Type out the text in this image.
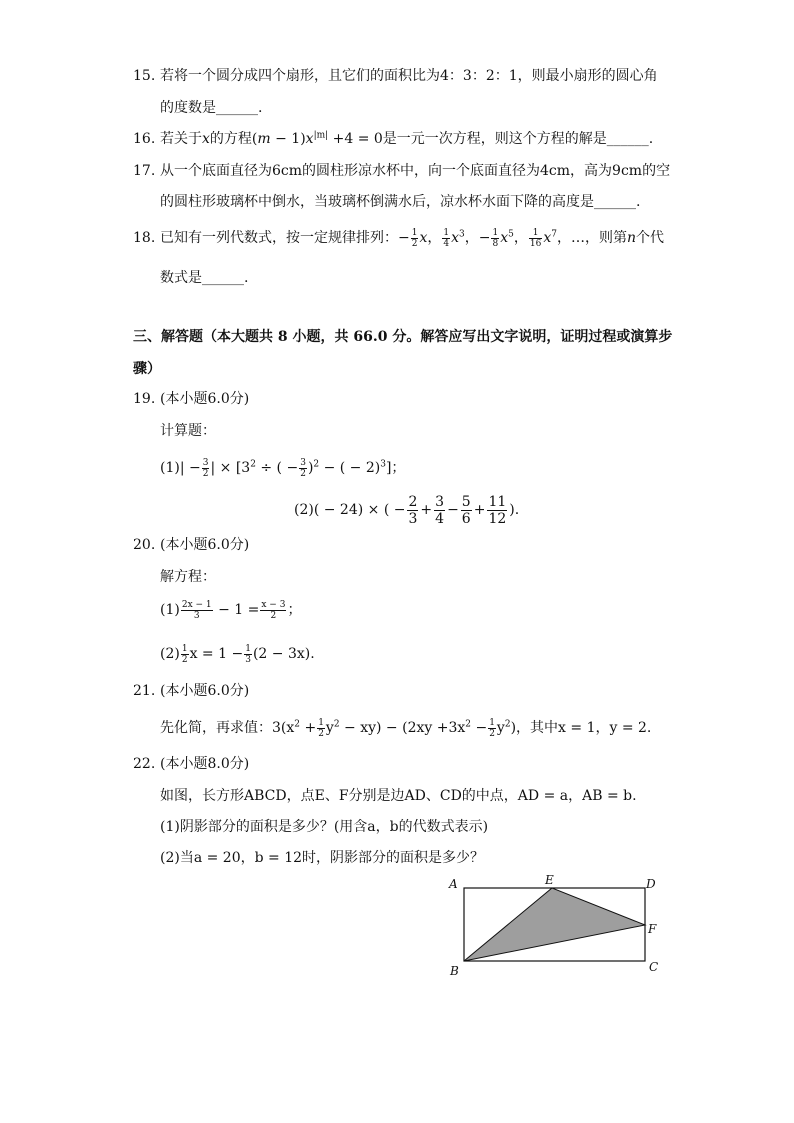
15. 若将一个圆分成四个扇形，且它们的面积比为4：3：2：1，则最小扇形的圆心角
的度数是______.
16. 若关于x的方程$(m - 1)x^{|m|} +4 = 0$是一元一次方程，则这个方程的解是______.
17. 从一个底面直径为6cm的圆柱形凉水杯中，向一个底面直径为4cm，高为9cm的空
的圆柱形玻璃杯中倒水，当玻璃杯倒满水后，凉水杯水面下降的高度是______.
18. 已知有一列代数式，按一定规律排列：− $\frac{1}{2}$ x， $\frac{1}{4} x^3$，− $\frac{1}{8} x^5$， $\frac{1}{16} x^7$，…，则第n个代
数式是______.
三、解答题（本大题共 8 小题，共 66.0 分。解答应写出文字说明，证明过程或演算步
骤）
19. (本小题6.0分)
计算题：
$(1)| - \frac{3}{2}$ | × [$3^2$ ÷ ( − $\frac{3}{2} )^2$ − ( − 2)$^3$]；
(2)( − 24) × ( − $\frac{2}{3} + \frac{3}{4} - \frac{5}{6} + \frac{11}{12}$ ).
20. (本小题6.0分)
解方程：
$(1) \frac{2x - 1}{3} - 1 = \frac{x - 3}{2}$ ；
$(2) \frac{1}{2}$ $x = 1 - \frac{1}{3} (2 - 3x)$.
21. (本小题6.0分)
先化简，再求值：$3(x^2 + \frac{1}{2} y^2 - xy) - (2xy +3x^2 - \frac{1}{2} y^2)$，其中x = 1，y = 2.
22. (本小题8.0分)
如图，长方形ABCD，点E、F分别是边AD、CD的中点，AD = a，AB = b.
(1)阴影部分的面积是多少？(用含a，b的代数式表示)
(2)当a = 20，b = 12时，阴影部分的面积是多少？
A
B	C
D
E
F
